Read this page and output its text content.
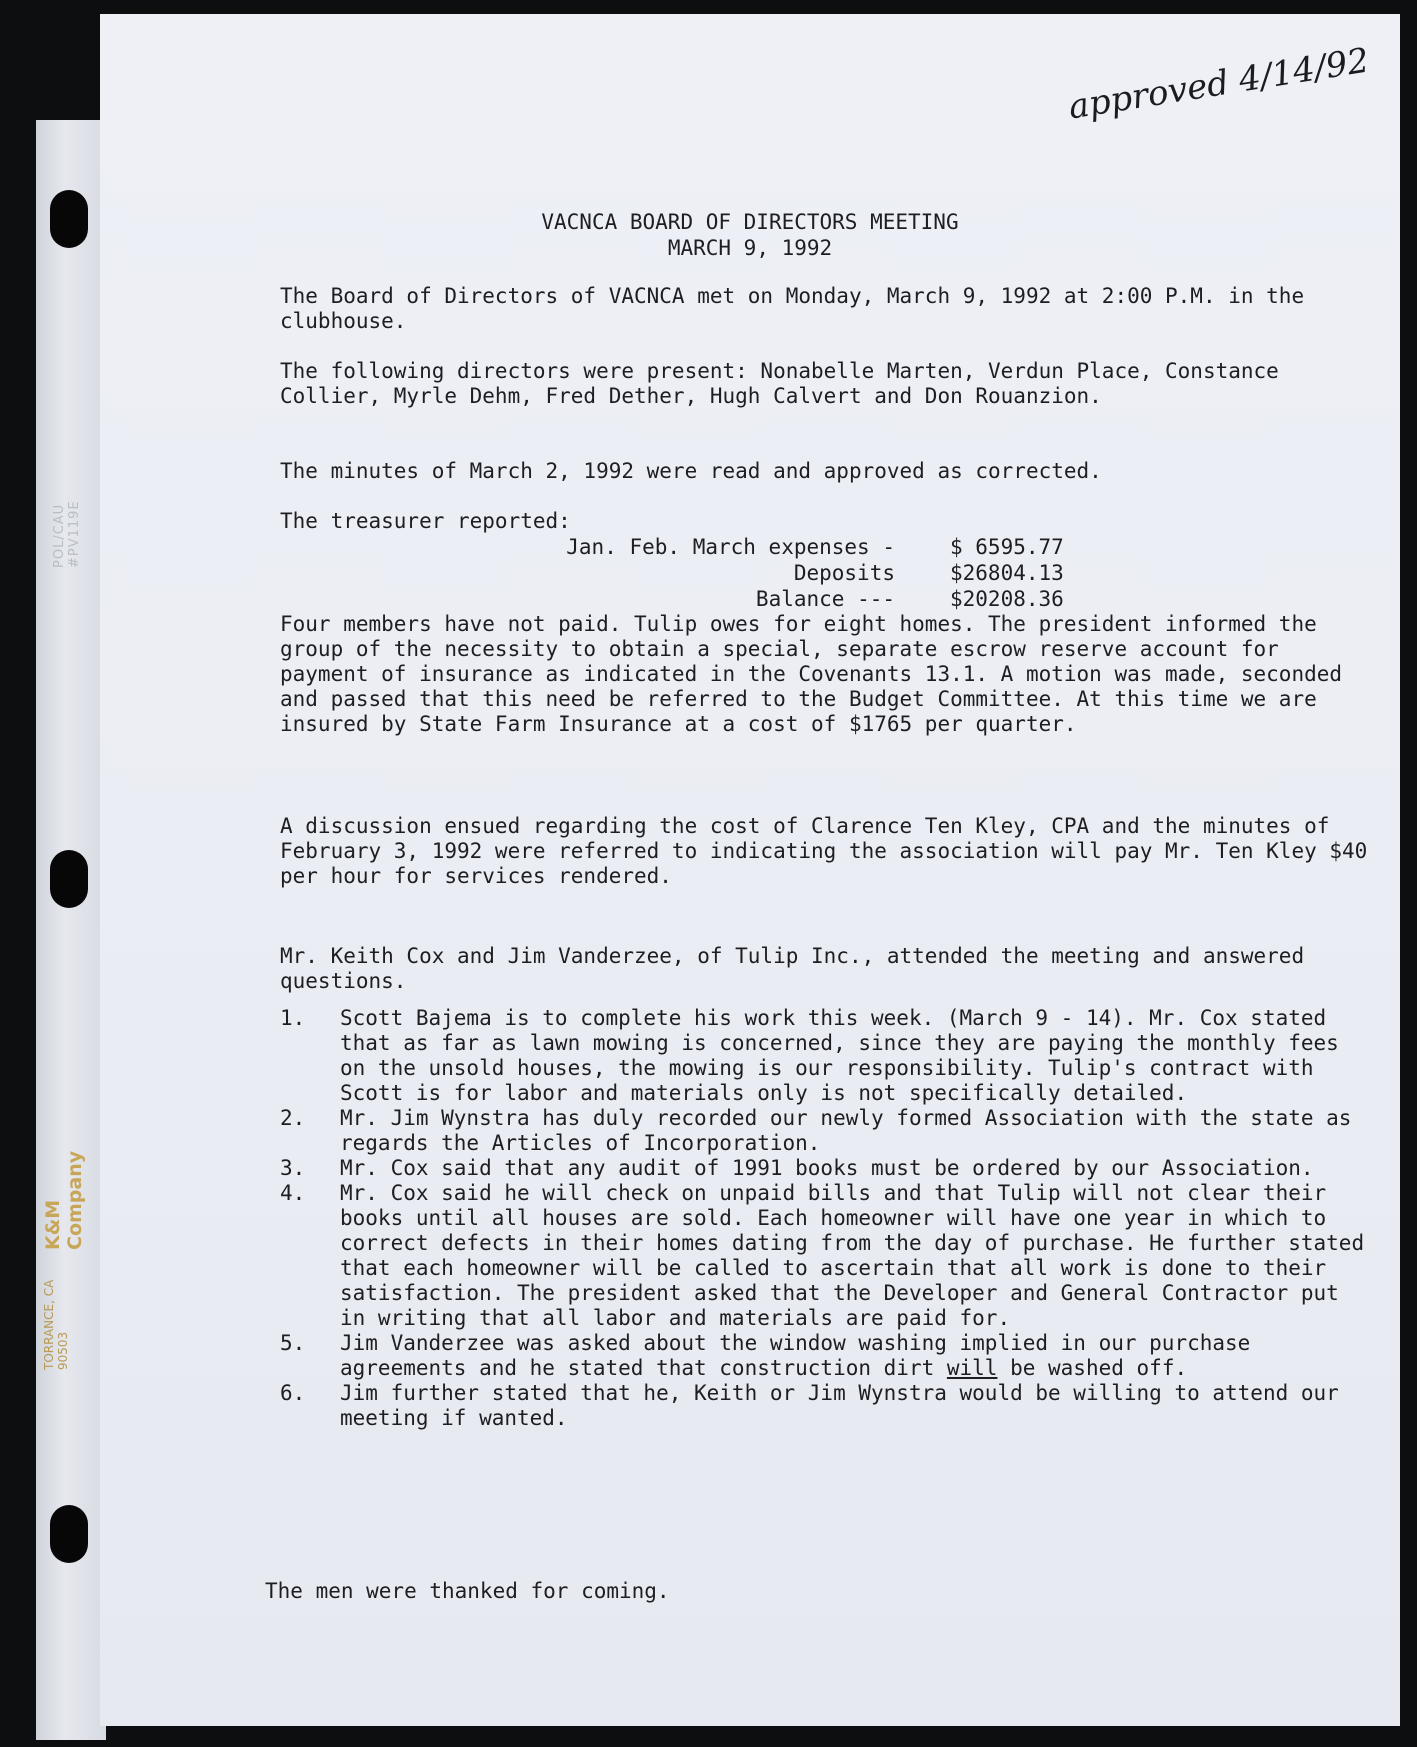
POL/CAU #PV119E
K&M Company
TORRANCE, CA 90503
approved 4/14/92
VACNCA BOARD OF DIRECTORS MEETING
MARCH 9, 1992

The Board of Directors of VACNCA met on Monday, March 9, 1992 at 2:00 P.M. in the clubhouse.

The following directors were present: Nonabelle Marten, Verdun Place, Constance Collier, Myrle Dehm, Fred Dether, Hugh Calvert and Don Rouanzion.

The minutes of March 2, 1992 were read and approved as corrected.

The treasurer reported:

Jan. Feb. March expenses -	$ 6595.77
Deposits	$26804.13
Balance ---	$20208.36

Four members have not paid. Tulip owes for eight homes. The president informed the group of the necessity to obtain a special, separate escrow reserve account for payment of insurance as indicated in the Covenants 13.1. A motion was made, seconded and passed that this need be referred to the Budget Committee. At this time we are insured by State Farm Insurance at a cost of $1765 per quarter.

A discussion ensued regarding the cost of Clarence Ten Kley, CPA and the minutes of February 3, 1992 were referred to indicating the association will pay Mr. Ten Kley $40 per hour for services rendered.

Mr. Keith Cox and Jim Vanderzee, of Tulip Inc., attended the meeting and answered questions.

1. Scott Bajema is to complete his work this week. (March 9 - 14). Mr. Cox stated that as far as lawn mowing is concerned, since they are paying the monthly fees on the unsold houses, the mowing is our responsibility. Tulip's contract with Scott is for labor and materials only is not specifically detailed.
2. Mr. Jim Wynstra has duly recorded our newly formed Association with the state as regards the Articles of Incorporation.
3. Mr. Cox said that any audit of 1991 books must be ordered by our Association.
4. Mr. Cox said he will check on unpaid bills and that Tulip will not clear their books until all houses are sold. Each homeowner will have one year in which to correct defects in their homes dating from the day of purchase. He further stated that each homeowner will be called to ascertain that all work is done to their satisfaction. The president asked that the Developer and General Contractor put in writing that all labor and materials are paid for.
5. Jim Vanderzee was asked about the window washing implied in our purchase agreements and he stated that construction dirt will be washed off.
6. Jim further stated that he, Keith or Jim Wynstra would be willing to attend our meeting if wanted.
The men were thanked for coming.
